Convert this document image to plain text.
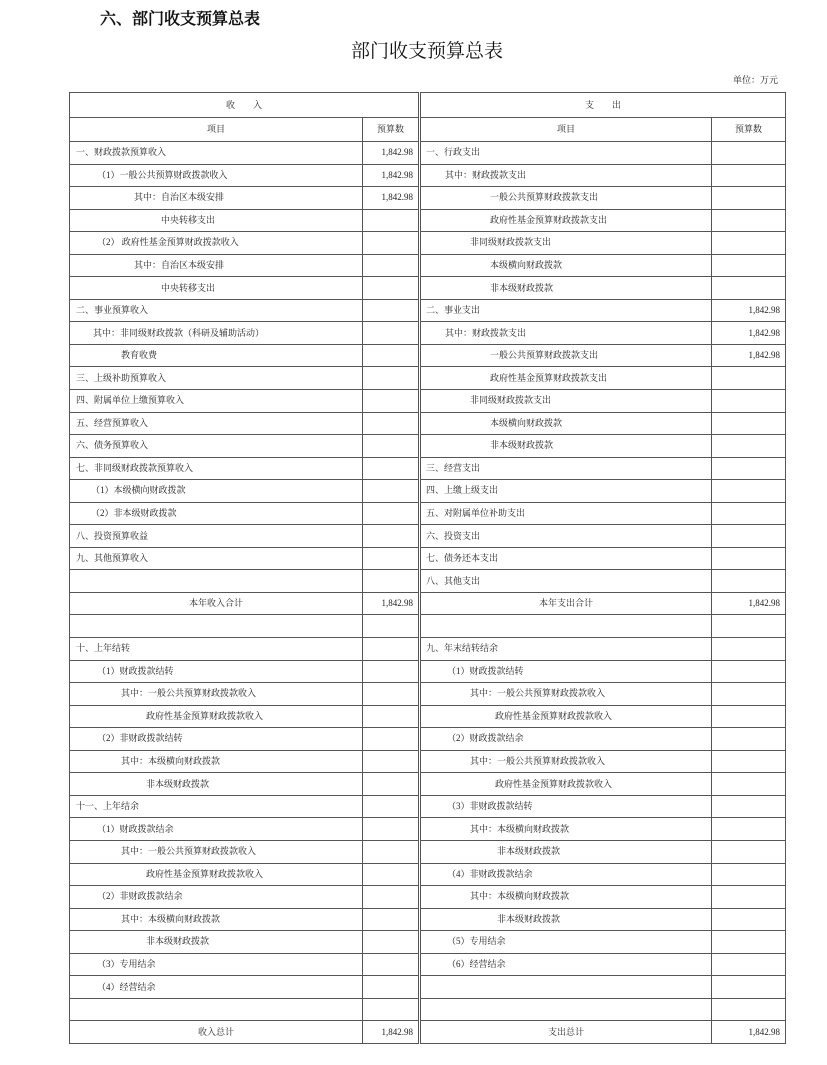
六、部门收支预算总表
部门收支预算总表
单位：万元
收　　入		支　　出	
项目	预算数	项目	预算数
一、财政拨款预算收入	1,842.98	一、行政支出	
（1）一般公共预算财政拨款收入	1,842.98	其中：财政拨款支出	
其中：自治区本级安排	1,842.98	一般公共预算财政拨款支出	
中央转移支出		政府性基金预算财政拨款支出	
（2） 政府性基金预算财政拨款收入		非同级财政拨款支出	
其中：自治区本级安排		本级横向财政拨款	
中央转移支出		非本级财政拨款	
二、事业预算收入		二、事业支出	1,842.98
其中：非同级财政拨款（科研及辅助活动）		其中：财政拨款支出	1,842.98
教育收费		一般公共预算财政拨款支出	1,842.98
三、上级补助预算收入		政府性基金预算财政拨款支出	
四、附属单位上缴预算收入		非同级财政拨款支出	
五、经营预算收入		本级横向财政拨款	
六、债务预算收入		非本级财政拨款	
七、非同级财政拨款预算收入		三、经营支出	
（1）本级横向财政拨款		四、上缴上级支出	
（2）非本级财政拨款		五、对附属单位补助支出	
八、投资预算收益		六、投资支出	
九、其他预算收入		七、债务还本支出	
		八、其他支出	
本年收入合计	1,842.98	本年支出合计	1,842.98

十、上年结转		九、年末结转结余	
（1）财政拨款结转		（1）财政拨款结转	
其中：一般公共预算财政拨款收入		其中：一般公共预算财政拨款收入	
政府性基金预算财政拨款收入		政府性基金预算财政拨款收入	
（2）非财政拨款结转		（2）财政拨款结余	
其中：本级横向财政拨款		其中：一般公共预算财政拨款收入	
非本级财政拨款		政府性基金预算财政拨款收入	
十一、上年结余		（3）非财政拨款结转	
（1）财政拨款结余		其中：本级横向财政拨款	
其中：一般公共预算财政拨款收入		非本级财政拨款	
政府性基金预算财政拨款收入		（4）非财政拨款结余	
（2）非财政拨款结余		其中：本级横向财政拨款	
其中：本级横向财政拨款		非本级财政拨款	
非本级财政拨款		（5）专用结余	
（3）专用结余		（6）经营结余	
（4）经营结余			

收入总计	1,842.98	支出总计	1,842.98
